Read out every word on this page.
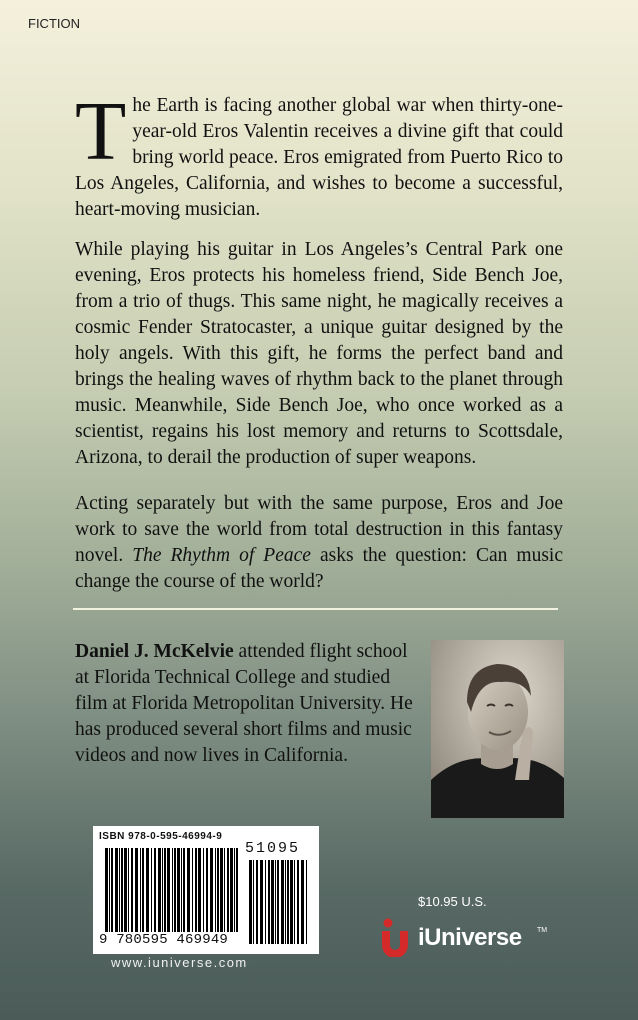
FICTION

The Earth is facing another global war when thirty-one-year-old Eros Valentin receives a divine gift that could bring world peace. Eros emigrated from Puerto Rico to Los Angeles, California, and wishes to become a successful, heart-moving musician.

While playing his guitar in Los Angeles’s Central Park one evening, Eros protects his homeless friend, Side Bench Joe, from a trio of thugs. This same night, he magically receives a cosmic Fender Stratocaster, a unique guitar designed by the holy angels. With this gift, he forms the perfect band and brings the healing waves of rhythm back to the planet through music. Meanwhile, Side Bench Joe, who once worked as a scientist, regains his lost memory and returns to Scottsdale, Arizona, to derail the production of super weapons.

Acting separately but with the same purpose, Eros and Joe work to save the world from total destruction in this fantasy novel. The Rhythm of Peace asks the question: Can music change the course of the world?

Daniel J. McKelvie attended flight school at Florida Technical College and studied film at Florida Metropolitan University. He has produced several short films and music videos and now lives in California.

ISBN 978-0-595-46994-9
51095
9 780595 469949
www.iuniverse.com
$10.95 U.S.
iUniverse TM
